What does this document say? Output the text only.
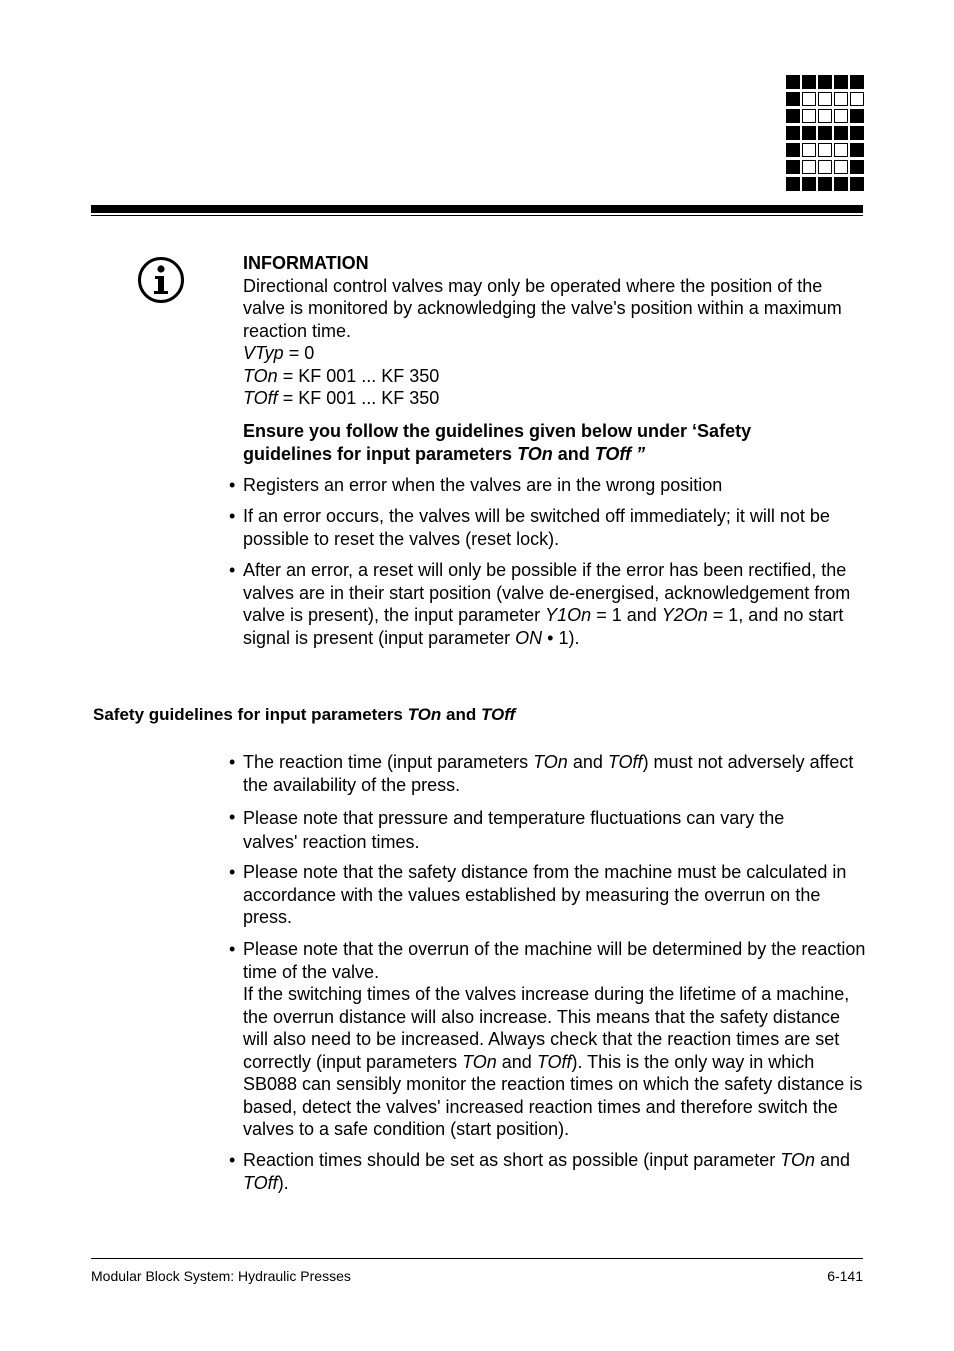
INFORMATION
Directional control valves may only be operated where the position of the valve is monitored by acknowledging the valve's position within a maximum reaction time.
VTyp = 0
TOn = KF 001 ... KF 350
TOff = KF 001 ... KF 350
Ensure you follow the guidelines given below under ‘Safety guidelines for input parameters TOn and TOff ”
• Registers an error when the valves are in the wrong position
• If an error occurs, the valves will be switched off immediately; it will not be possible to reset the valves (reset lock).
• After an error, a reset will only be possible if the error has been rectified, the valves are in their start position (valve de-energised, acknowledgement from valve is present), the input parameter Y1On = 1 and Y2On = 1, and no start signal is present (input parameter ON • 1).
Safety guidelines for input parameters TOn and TOff
• The reaction time (input parameters TOn and TOff) must not adversely affect the availability of the press.
• Please note that pressure and temperature fluctuations can vary the valves' reaction times.
• Please note that the safety distance from the machine must be calculated in accordance with the values established by measuring the overrun on the press.
• Please note that the overrun of the machine will be determined by the reaction time of the valve.
If the switching times of the valves increase during the lifetime of a machine, the overrun distance will also increase. This means that the safety distance will also need to be increased. Always check that the reaction times are set correctly (input parameters TOn and TOff). This is the only way in which SB088 can sensibly monitor the reaction times on which the safety distance is based, detect the valves' increased reaction times and therefore switch the valves to a safe condition (start position).
• Reaction times should be set as short as possible (input parameter TOn and TOff).
Modular Block System: Hydraulic Presses	6-141
